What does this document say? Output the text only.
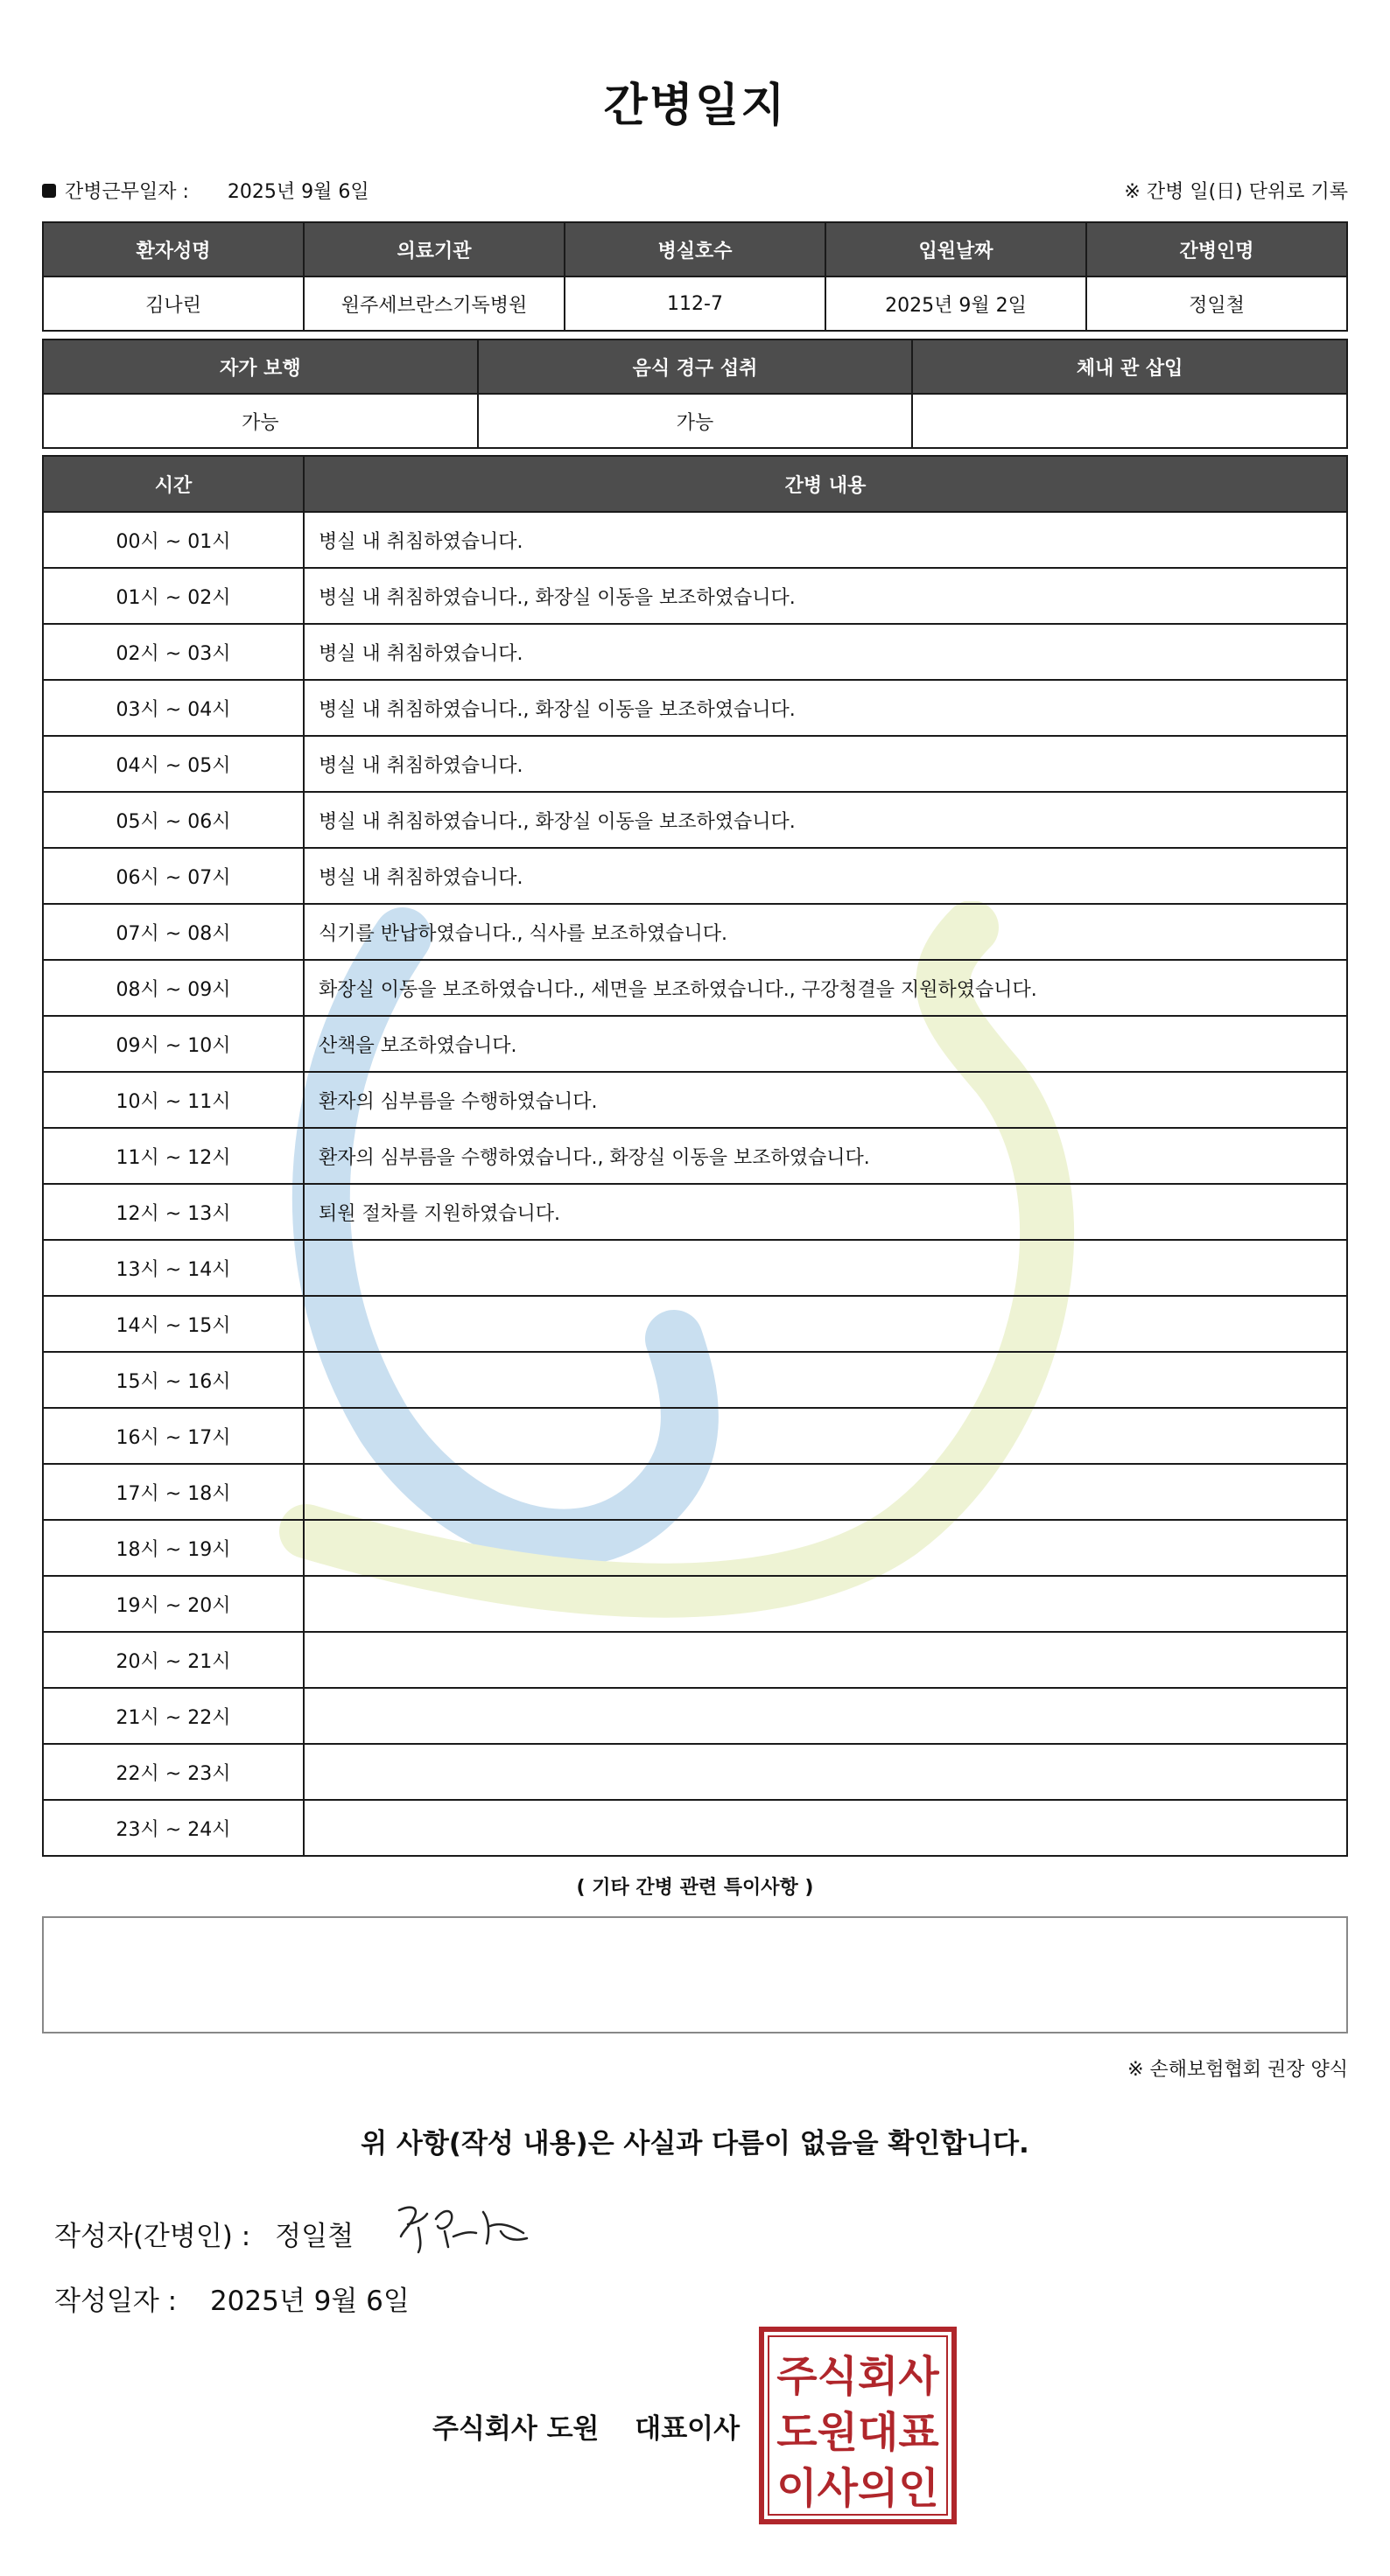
간병일지
간병근무일자 : 2025년 9월 6일	※ 간병 일(日) 단위로 기록
환자성명	의료기관	병실호수	입원날짜	간병인명
김나린	원주세브란스기독병원	112-7	2025년 9월 2일	정일철
자가 보행	음식 경구 섭취	체내 관 삽입
가능	가능	
시간	간병 내용
00시 ~ 01시	병실 내 취침하였습니다.
01시 ~ 02시	병실 내 취침하였습니다., 화장실 이동을 보조하였습니다.
02시 ~ 03시	병실 내 취침하였습니다.
03시 ~ 04시	병실 내 취침하였습니다., 화장실 이동을 보조하였습니다.
04시 ~ 05시	병실 내 취침하였습니다.
05시 ~ 06시	병실 내 취침하였습니다., 화장실 이동을 보조하였습니다.
06시 ~ 07시	병실 내 취침하였습니다.
07시 ~ 08시	식기를 반납하였습니다., 식사를 보조하였습니다.
08시 ~ 09시	화장실 이동을 보조하였습니다., 세면을 보조하였습니다., 구강청결을 지원하였습니다.
09시 ~ 10시	산책을 보조하였습니다.
10시 ~ 11시	환자의 심부름을 수행하였습니다.
11시 ~ 12시	환자의 심부름을 수행하였습니다., 화장실 이동을 보조하였습니다.
12시 ~ 13시	퇴원 절차를 지원하였습니다.
13시 ~ 14시	
14시 ~ 15시	
15시 ~ 16시	
16시 ~ 17시	
17시 ~ 18시	
18시 ~ 19시	
19시 ~ 20시	
20시 ~ 21시	
21시 ~ 22시	
22시 ~ 23시	
23시 ~ 24시	
( 기타 간병 관련 특이사항 )
※ 손해보험협회 권장 양식
위 사항(작성 내용)은 사실과 다름이 없음을 확인합니다.
작성자(간병인) : 정일철
작성일자 : 2025년 9월 6일
주식회사 도원 대표이사
주식회사
도원대표
이사의인
